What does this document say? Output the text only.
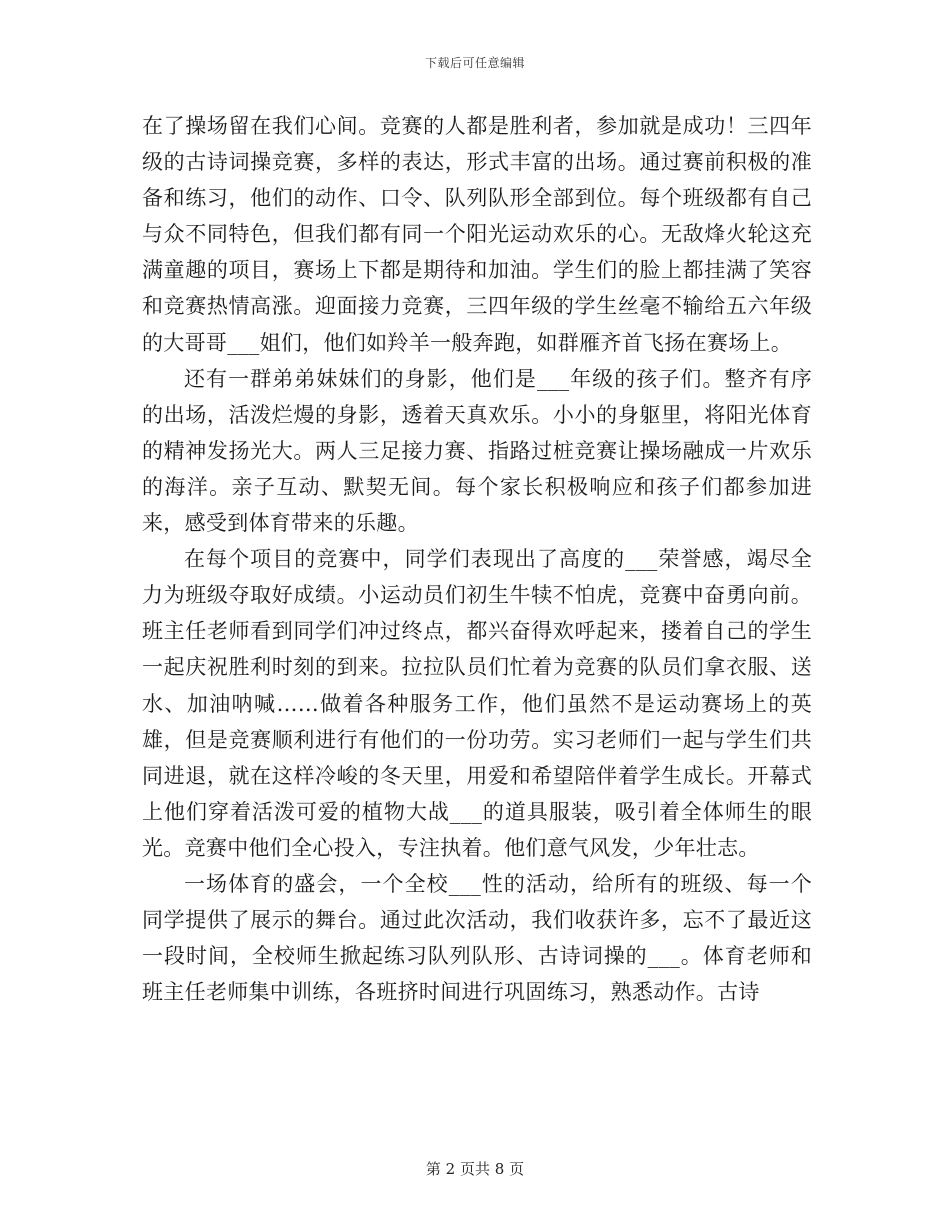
下载后可任意编辑

在了操场留在我们心间。竞赛的人都是胜利者，参加就是成功！三四年级的古诗词操竞赛，多样的表达，形式丰富的出场。通过赛前积极的准备和练习，他们的动作、口令、队列队形全部到位。每个班级都有自己与众不同特色，但我们都有同一个阳光运动欢乐的心。无敌烽火轮这充满童趣的项目，赛场上下都是期待和加油。学生们的脸上都挂满了笑容和竞赛热情高涨。迎面接力竞赛，三四年级的学生丝毫不输给五六年级的大哥哥___姐们，他们如羚羊一般奔跑，如群雁齐首飞扬在赛场上。

还有一群弟弟妹妹们的身影，他们是___年级的孩子们。整齐有序的出场，活泼烂熳的身影，透着天真欢乐。小小的身躯里，将阳光体育的精神发扬光大。两人三足接力赛、指路过桩竞赛让操场融成一片欢乐的海洋。亲子互动、默契无间。每个家长积极响应和孩子们都参加进来，感受到体育带来的乐趣。

在每个项目的竞赛中，同学们表现出了高度的___荣誉感，竭尽全力为班级夺取好成绩。小运动员们初生牛犊不怕虎，竞赛中奋勇向前。班主任老师看到同学们冲过终点，都兴奋得欢呼起来，搂着自己的学生一起庆祝胜利时刻的到来。拉拉队员们忙着为竞赛的队员们拿衣服、送水、加油呐喊……做着各种服务工作，他们虽然不是运动赛场上的英雄，但是竞赛顺利进行有他们的一份功劳。实习老师们一起与学生们共同进退，就在这样冷峻的冬天里，用爱和希望陪伴着学生成长。开幕式上他们穿着活泼可爱的植物大战___的道具服装，吸引着全体师生的眼光。竞赛中他们全心投入，专注执着。他们意气风发，少年壮志。

一场体育的盛会，一个全校___性的活动，给所有的班级、每一个同学提供了展示的舞台。通过此次活动，我们收获许多，忘不了最近这一段时间，全校师生掀起练习队列队形、古诗词操的___。体育老师和班主任老师集中训练，各班挤时间进行巩固练习，熟悉动作。古诗

第 2 页共 8 页
